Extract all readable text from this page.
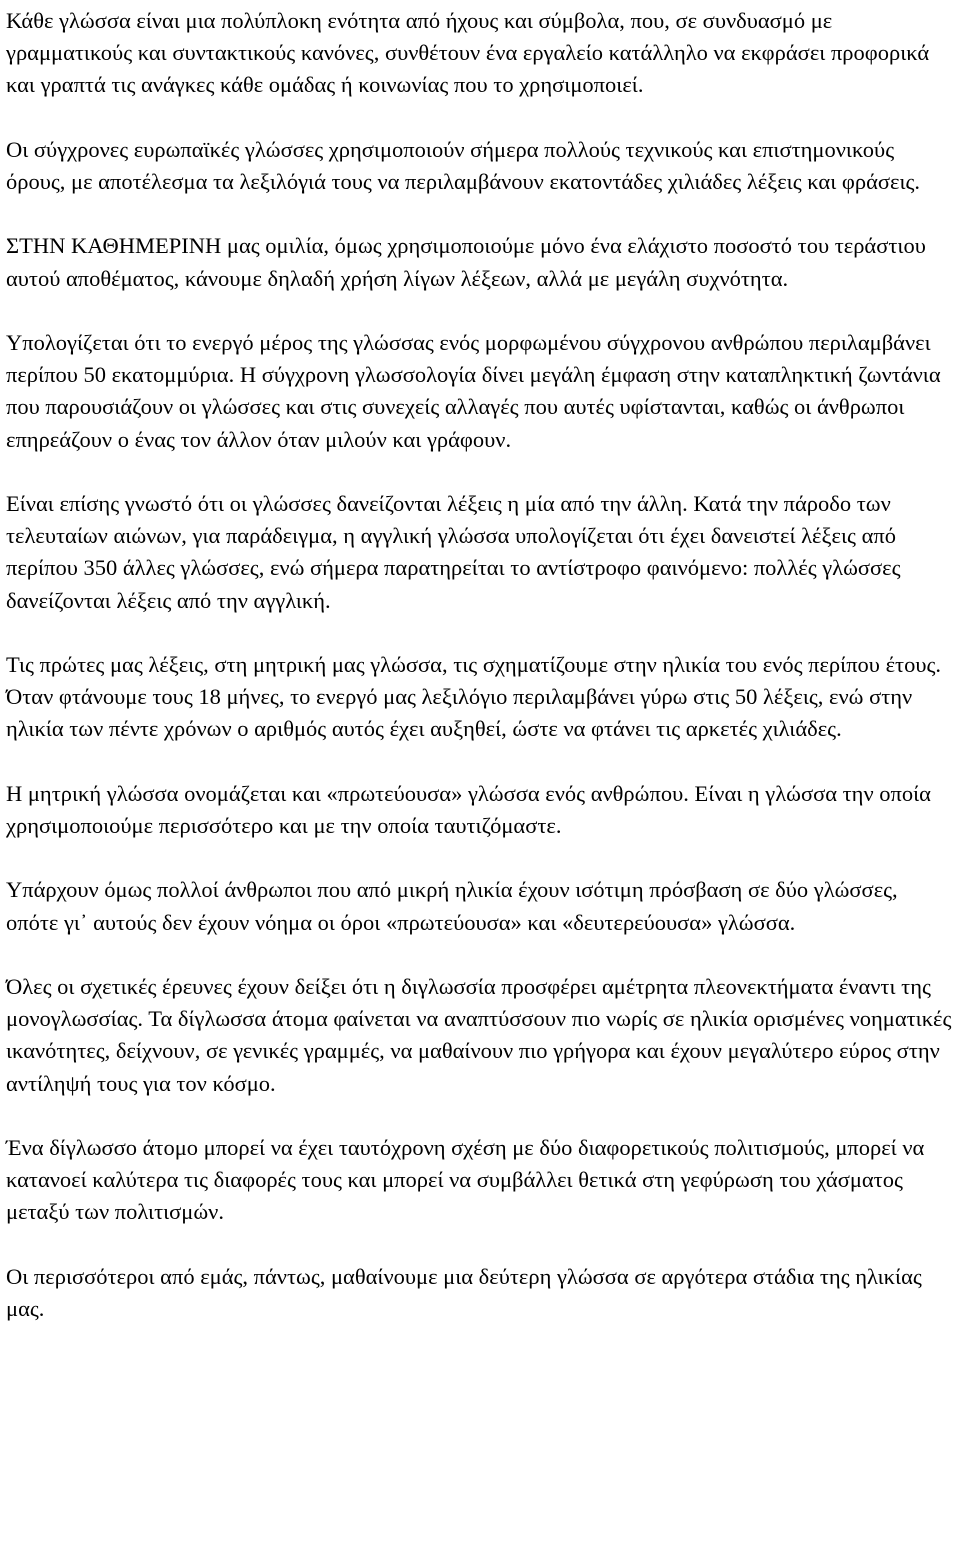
Κάθε γλώσσα είναι μια πολύπλοκη ενότητα από ήχους και σύμβολα, που, σε συνδυασμό με γραμματικούς και συντακτικούς κανόνες, συνθέτουν ένα εργαλείο κατάλληλο να εκφράσει προφορικά και γραπτά τις ανάγκες κάθε ομάδας ή κοινωνίας που το χρησιμοποιεί.

Οι σύγχρονες ευρωπαϊκές γλώσσες χρησιμοποιούν σήμερα πολλούς τεχνικούς και επιστημονικούς όρους, με αποτέλεσμα τα λεξιλόγιά τους να περιλαμβάνουν εκατοντάδες χιλιάδες λέξεις και φράσεις.

ΣΤΗΝ ΚΑΘΗΜΕΡΙΝΗ μας ομιλία, όμως χρησιμοποιούμε μόνο ένα ελάχιστο ποσοστό του τεράστιου αυτού αποθέματος, κάνουμε δηλαδή χρήση λίγων λέξεων, αλλά με μεγάλη συχνότητα.

Υπολογίζεται ότι το ενεργό μέρος της γλώσσας ενός μορφωμένου σύγχρονου ανθρώπου περιλαμβάνει περίπου 50 εκατομμύρια. Η σύγχρονη γλωσσολογία δίνει μεγάλη έμφαση στην καταπληκτική ζωντάνια που παρουσιάζουν οι γλώσσες και στις συνεχείς αλλαγές που αυτές υφίστανται, καθώς οι άνθρωποι επηρεάζουν ο ένας τον άλλον όταν μιλούν και γράφουν.

Είναι επίσης γνωστό ότι οι γλώσσες δανείζονται λέξεις η μία από την άλλη. Κατά την πάροδο των τελευταίων αιώνων, για παράδειγμα, η αγγλική γλώσσα υπολογίζεται ότι έχει δανειστεί λέξεις από περίπου 350 άλλες γλώσσες, ενώ σήμερα παρατηρείται το αντίστροφο φαινόμενο: πολλές γλώσσες δανείζονται λέξεις από την αγγλική.

Τις πρώτες μας λέξεις, στη μητρική μας γλώσσα, τις σχηματίζουμε στην ηλικία του ενός περίπου έτους. Όταν φτάνουμε τους 18 μήνες, το ενεργό μας λεξιλόγιο περιλαμβάνει γύρω στις 50 λέξεις, ενώ στην ηλικία των πέντε χρόνων ο αριθμός αυτός έχει αυξηθεί, ώστε να φτάνει τις αρκετές χιλιάδες.

Η μητρική γλώσσα ονομάζεται και «πρωτεύουσα» γλώσσα ενός ανθρώπου. Είναι η γλώσσα την οποία χρησιμοποιούμε περισσότερο και με την οποία ταυτιζόμαστε.

Υπάρχουν όμως πολλοί άνθρωποι που από μικρή ηλικία έχουν ισότιμη πρόσβαση σε δύο γλώσσες, οπότε γι᾽ αυτούς δεν έχουν νόημα οι όροι «πρωτεύουσα» και «δευτερεύουσα» γλώσσα.

Όλες οι σχετικές έρευνες έχουν δείξει ότι η διγλωσσία προσφέρει αμέτρητα πλεονεκτήματα έναντι της μονογλωσσίας. Τα δίγλωσσα άτομα φαίνεται να αναπτύσσουν πιο νωρίς σε ηλικία ορισμένες νοηματικές ικανότητες, δείχνουν, σε γενικές γραμμές, να μαθαίνουν πιο γρήγορα και έχουν μεγαλύτερο εύρος στην αντίληψή τους για τον κόσμο.

Ένα δίγλωσσο άτομο μπορεί να έχει ταυτόχρονη σχέση με δύο διαφορετικούς πολιτισμούς, μπορεί να κατανοεί καλύτερα τις διαφορές τους και μπορεί να συμβάλλει θετικά στη γεφύρωση του χάσματος μεταξύ των πολιτισμών.

Οι περισσότεροι από εμάς, πάντως, μαθαίνουμε μια δεύτερη γλώσσα σε αργότερα στάδια της ηλικίας μας.
